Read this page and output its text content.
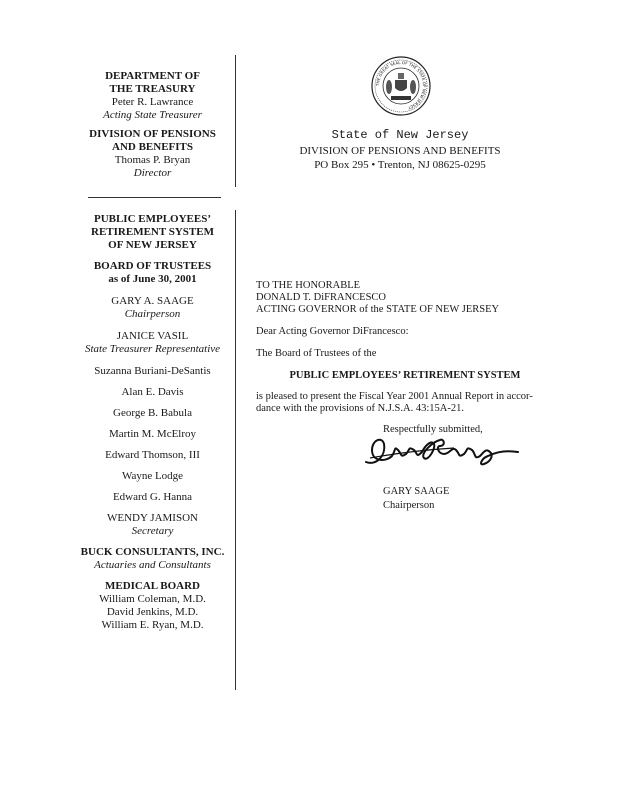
DEPARTMENT OF
THE TREASURY
Peter R. Lawrance
Acting State Treasurer
DIVISION OF PENSIONS
AND BENEFITS
Thomas P. Bryan
Director
PUBLIC EMPLOYEES’
RETIREMENT SYSTEM
OF NEW JERSEY
BOARD OF TRUSTEES
as of June 30, 2001
GARY A. SAAGE
Chairperson
JANICE VASIL
State Treasurer Representative
Suzanna Buriani-DeSantis
Alan E. Davis
George B. Babula
Martin M. McElroy
Edward Thomson, III
Wayne Lodge
Edward G. Hanna
WENDY JAMISON
Secretary
BUCK CONSULTANTS, INC.
Actuaries and Consultants
MEDICAL BOARD
William Coleman, M.D.
David Jenkins, M.D.
William E. Ryan, M.D.
THE GREAT SEAL OF THE STATE OF NEW JERSEY
State of New Jersey
DIVISION OF PENSIONS AND BENEFITS
PO Box 295 • Trenton, NJ 08625-0295
TO THE HONORABLE
DONALD T. DiFRANCESCO
ACTING GOVERNOR of the STATE OF NEW JERSEY
Dear Acting Governor DiFrancesco:
The Board of Trustees of the
PUBLIC EMPLOYEES’ RETIREMENT SYSTEM
is pleased to present the Fiscal Year 2001 Annual Report in accor-
dance with the provisions of N.J.S.A. 43:15A-21.
Respectfully submitted,
GARY SAAGE
Chairperson
